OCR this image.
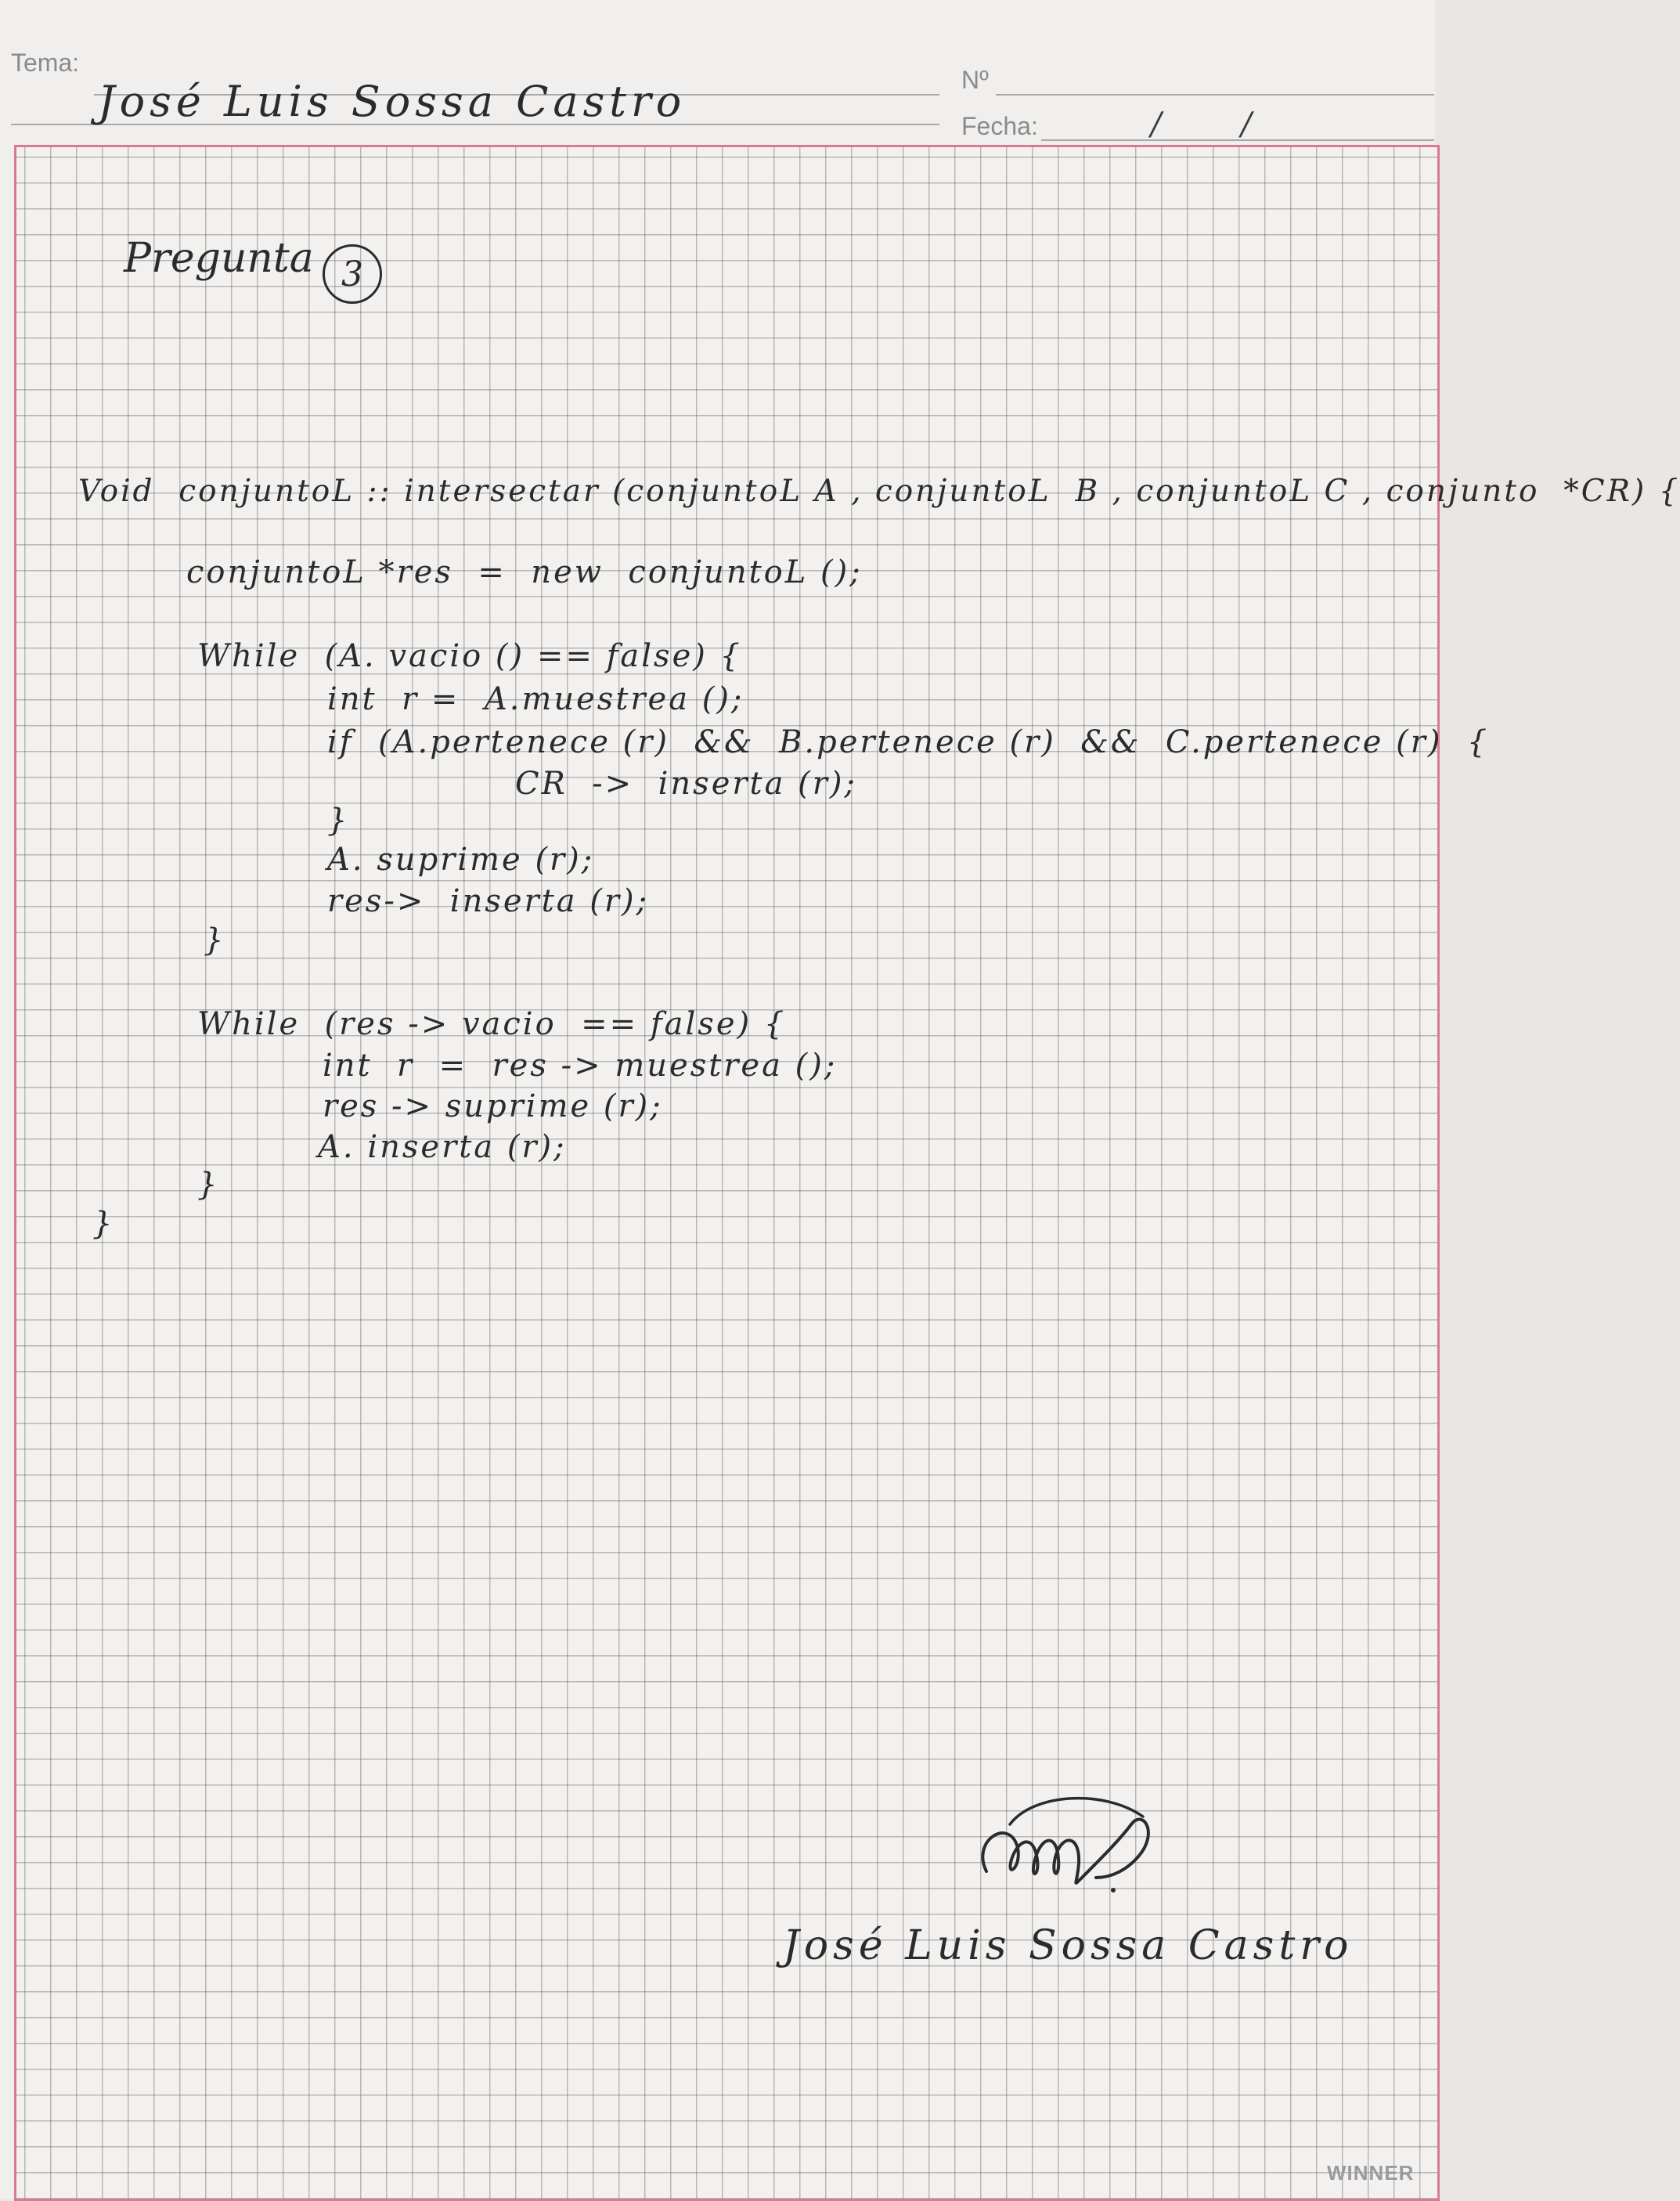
Tema:
Nº
Fecha:	/        /
José Luis Sossa Castro
Pregunta 3
Void  conjuntoL :: intersectar (conjuntoL A , conjuntoL  B , conjuntoL C , conjunto  *CR) {
conjuntoL *res  =  new  conjuntoL ();
While  (A. vacio () == false) {
int  r =  A.muestrea ();
if  (A.pertenece (r)  &&  B.pertenece (r)  &&  C.pertenece (r)  {
CR  ->  inserta (r);
}
A. suprime (r);
res->  inserta (r);
}
While  (res -> vacio  == false) {
int  r  =  res -> muestrea ();
res -> suprime (r);
A. inserta (r);
}
}
José Luis Sossa Castro
WINNER
